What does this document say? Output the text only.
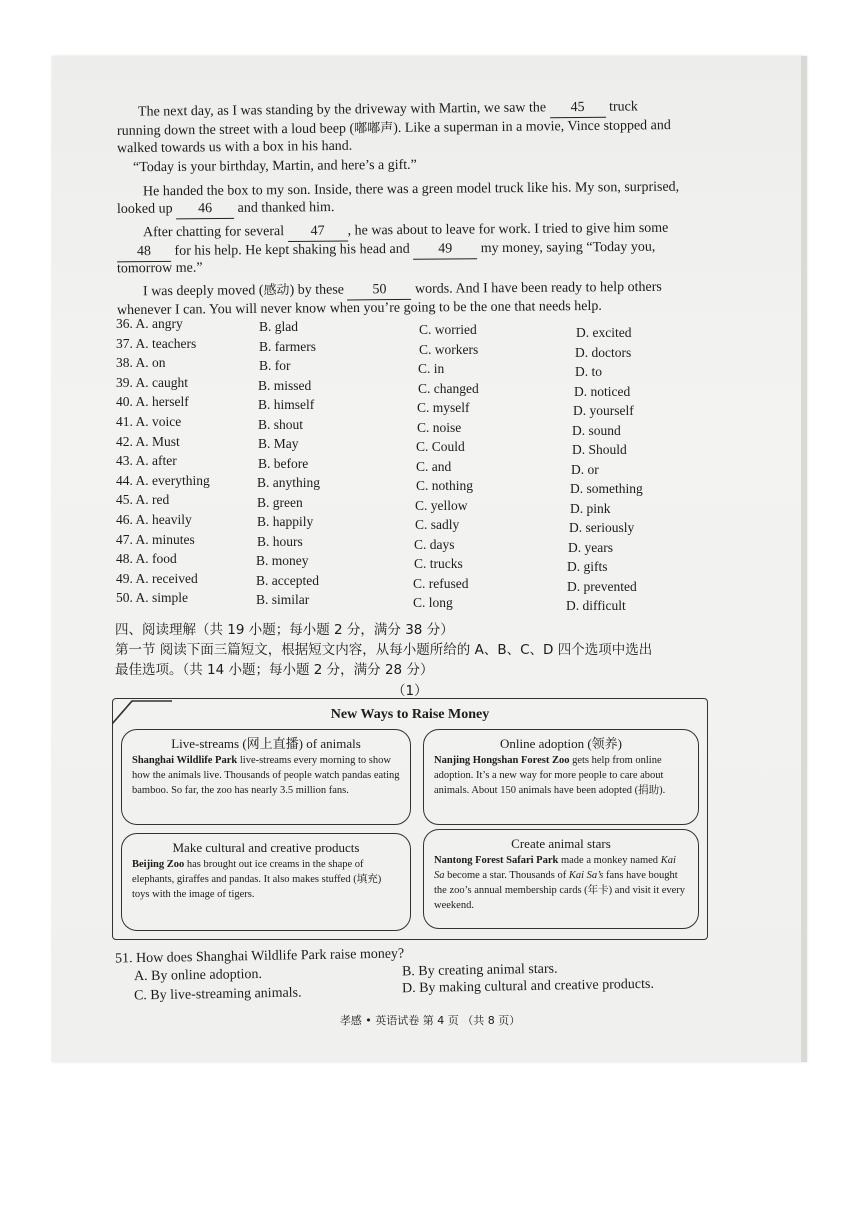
The next day, as I was standing by the driveway with Martin, we saw the 45 truck
running down the street with a loud beep (嘟嘟声). Like a superman in a movie, Vince stopped and
walked towards us with a box in his hand.
“Today is your birthday, Martin, and here’s a gift.”
He handed the box to my son. Inside, there was a green model truck like his. My son, surprised,
looked up 46 and thanked him.
After chatting for several 47 , he was about to leave for work. I tried to give him some
48 for his help. He kept shaking his head and 49 my money, saying “Today you,
tomorrow me.”
I was deeply moved (感动) by these 50 words. And I have been ready to help others
whenever I can. You will never know when you’re going to be the one that needs help.
36. A. angry	B. glad	C. worried	D. excited
37. A. teachers	B. farmers	C. workers	D. doctors
38. A. on	B. for	C. in	D. to
39. A. caught	B. missed	C. changed	D. noticed
40. A. herself	B. himself	C. myself	D. yourself
41. A. voice	B. shout	C. noise	D. sound
42. A. Must	B. May	C. Could	D. Should
43. A. after	B. before	C. and	D. or
44. A. everything	B. anything	C. nothing	D. something
45. A. red	B. green	C. yellow	D. pink
46. A. heavily	B. happily	C. sadly	D. seriously
47. A. minutes	B. hours	C. days	D. years
48. A. food	B. money	C. trucks	D. gifts
49. A. received	B. accepted	C. refused	D. prevented
50. A. simple	B. similar	C. long	D. difficult
四、阅读理解（共 19 小题；每小题 2 分，满分 38 分）
第一节 阅读下面三篇短文，根据短文内容，从每小题所给的 A、B、C、D 四个选项中选出
最佳选项。（共 14 小题；每小题 2 分，满分 28 分）
（1）
New Ways to Raise Money
Live-streams (网上直播) of animals
Shanghai Wildlife Park live-streams every morning to show how the animals live. Thousands of people watch pandas eating bamboo. So far, the zoo has nearly 3.5 million fans.
Online adoption (领养)
Nanjing Hongshan Forest Zoo gets help from online adoption. It’s a new way for more people to care about animals. About 150 animals have been adopted (捐助).
Make cultural and creative products
Beijing Zoo has brought out ice creams in the shape of elephants, giraffes and pandas. It also makes stuffed (填充) toys with the image of tigers.
Create animal stars
Nantong Forest Safari Park made a monkey named Kai Sa become a star. Thousands of Kai Sa’s fans have bought the zoo’s annual membership cards (年卡) and visit it every weekend.
51. How does Shanghai Wildlife Park raise money?
A. By online adoption.	B. By creating animal stars.
C. By live-streaming animals.	D. By making cultural and creative products.
孝感 • 英语试卷 第 4 页 （共 8 页）
